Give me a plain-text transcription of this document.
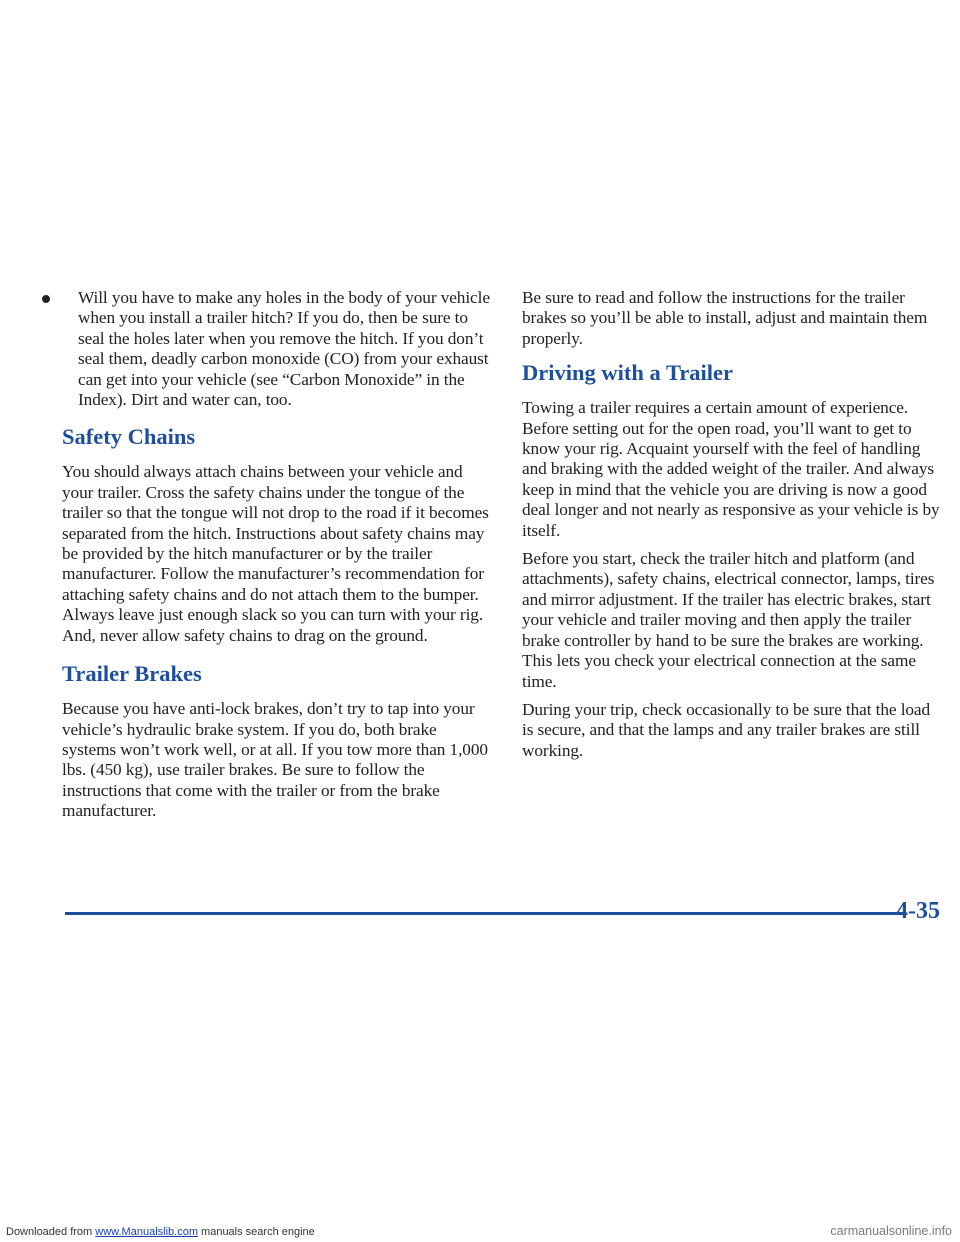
Will you have to make any holes in the body of your vehicle when you install a trailer hitch? If you do, then be sure to seal the holes later when you remove the hitch. If you don’t seal them, deadly carbon monoxide (CO) from your exhaust can get into your vehicle (see “Carbon Monoxide” in the Index). Dirt and water can, too.

Safety Chains

You should always attach chains between your vehicle and your trailer. Cross the safety chains under the tongue of the trailer so that the tongue will not drop to the road if it becomes separated from the hitch. Instructions about safety chains may be provided by the hitch manufacturer or by the trailer manufacturer. Follow the manufacturer’s recommendation for attaching safety chains and do not attach them to the bumper. Always leave just enough slack so you can turn with your rig. And, never allow safety chains to drag on the ground.

Trailer Brakes

Because you have anti-lock brakes, don’t try to tap into your vehicle’s hydraulic brake system. If you do, both brake systems won’t work well, or at all. If you tow more than 1,000 lbs. (450 kg), use trailer brakes. Be sure to follow the instructions that come with the trailer or from the brake manufacturer.

Be sure to read and follow the instructions for the trailer brakes so you’ll be able to install, adjust and maintain them properly.

Driving with a Trailer

Towing a trailer requires a certain amount of experience. Before setting out for the open road, you’ll want to get to know your rig. Acquaint yourself with the feel of handling and braking with the added weight of the trailer. And always keep in mind that the vehicle you are driving is now a good deal longer and not nearly as responsive as your vehicle is by itself.

Before you start, check the trailer hitch and platform (and attachments), safety chains, electrical connector, lamps, tires and mirror adjustment. If the trailer has electric brakes, start your vehicle and trailer moving and then apply the trailer brake controller by hand to be sure the brakes are working. This lets you check your electrical connection at the same time.

During your trip, check occasionally to be sure that the load is secure, and that the lamps and any trailer brakes are still working.

4-35
Downloaded from www.Manualslib.com manuals search engine	carmanualsonline.info
